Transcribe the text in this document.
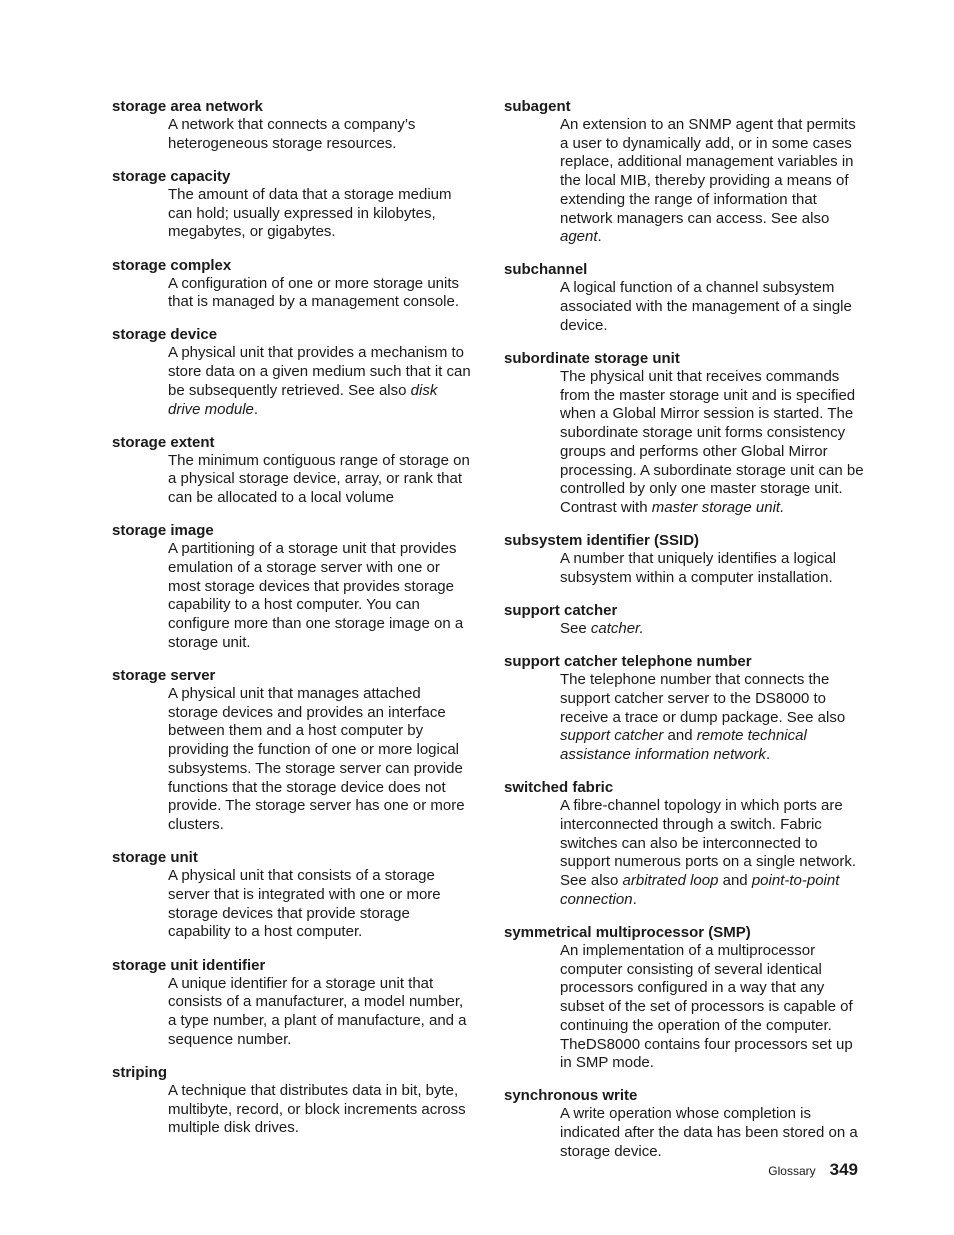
storage area network

A network that connects a company’s heterogeneous storage resources.

storage capacity

The amount of data that a storage medium can hold; usually expressed in kilobytes, megabytes, or gigabytes.

storage complex

A configuration of one or more storage units that is managed by a management console.

storage device

A physical unit that provides a mechanism to store data on a given medium such that it can be subsequently retrieved. See also disk drive module.

storage extent

The minimum contiguous range of storage on a physical storage device, array, or rank that can be allocated to a local volume

storage image

A partitioning of a storage unit that provides emulation of a storage server with one or most storage devices that provides storage capability to a host computer. You can configure more than one storage image on a storage unit.

storage server

A physical unit that manages attached storage devices and provides an interface between them and a host computer by providing the function of one or more logical subsystems. The storage server can provide functions that the storage device does not provide. The storage server has one or more clusters.

storage unit

A physical unit that consists of a storage server that is integrated with one or more storage devices that provide storage capability to a host computer.

storage unit identifier

A unique identifier for a storage unit that consists of a manufacturer, a model number, a type number, a plant of manufacture, and a sequence number.

striping

A technique that distributes data in bit, byte, multibyte, record, or block increments across multiple disk drives.

subagent

An extension to an SNMP agent that permits a user to dynamically add, or in some cases replace, additional management variables in the local MIB, thereby providing a means of extending the range of information that network managers can access. See also agent.

subchannel

A logical function of a channel subsystem associated with the management of a single device.

subordinate storage unit

The physical unit that receives commands from the master storage unit and is specified when a Global Mirror session is started. The subordinate storage unit forms consistency groups and performs other Global Mirror processing. A subordinate storage unit can be controlled by only one master storage unit. Contrast with master storage unit.

subsystem identifier (SSID)

A number that uniquely identifies a logical subsystem within a computer installation.

support catcher

See catcher.

support catcher telephone number

The telephone number that connects the support catcher server to the DS8000 to receive a trace or dump package. See also support catcher and remote technical assistance information network.

switched fabric

A fibre-channel topology in which ports are interconnected through a switch. Fabric switches can also be interconnected to support numerous ports on a single network. See also arbitrated loop and point-to-point connection.

symmetrical multiprocessor (SMP)

An implementation of a multiprocessor computer consisting of several identical processors configured in a way that any subset of the set of processors is capable of continuing the operation of the computer. TheDS8000 contains four processors set up in SMP mode.

synchronous write

A write operation whose completion is indicated after the data has been stored on a storage device.

Glossary 349
